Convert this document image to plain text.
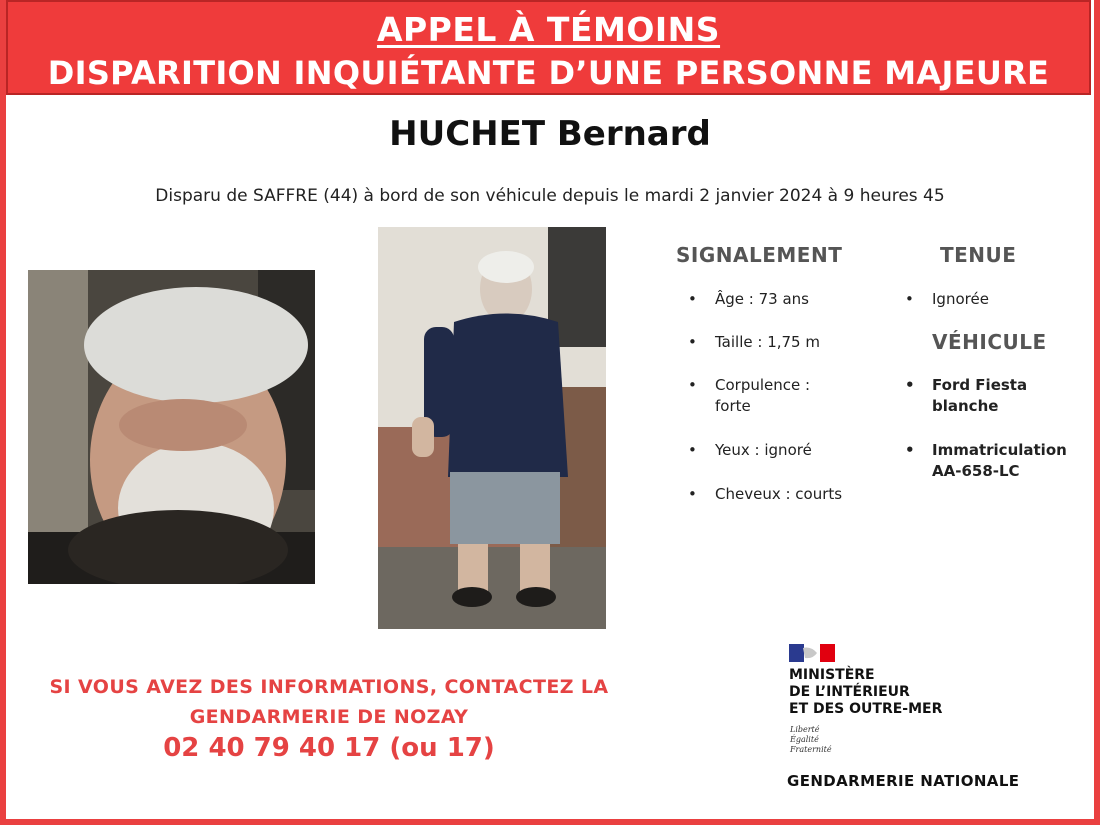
APPEL À TÉMOINS
DISPARITION INQUIÉTANTE D’UNE PERSONNE MAJEURE
HUCHET Bernard
Disparu de SAFFRE (44) à bord de son véhicule depuis le mardi 2 janvier 2024 à 9 heures 45
SIGNALEMENT	TENUE
VÉHICULE
• Âge : 73 ans
• Taille : 1,75 m
• Corpulence :
forte
• Yeux : ignoré
• Cheveux : courts
• Ignorée
• Ford Fiesta
blanche
• Immatriculation
AA-658-LC
SI VOUS AVEZ DES INFORMATIONS, CONTACTEZ LA
GENDARMERIE DE NOZAY
02 40 79 40 17 (ou 17)
MINISTÈRE
DE L’INTÉRIEUR
ET DES OUTRE-MER
Liberté
Égalité
Fraternité
GENDARMERIE NATIONALE
